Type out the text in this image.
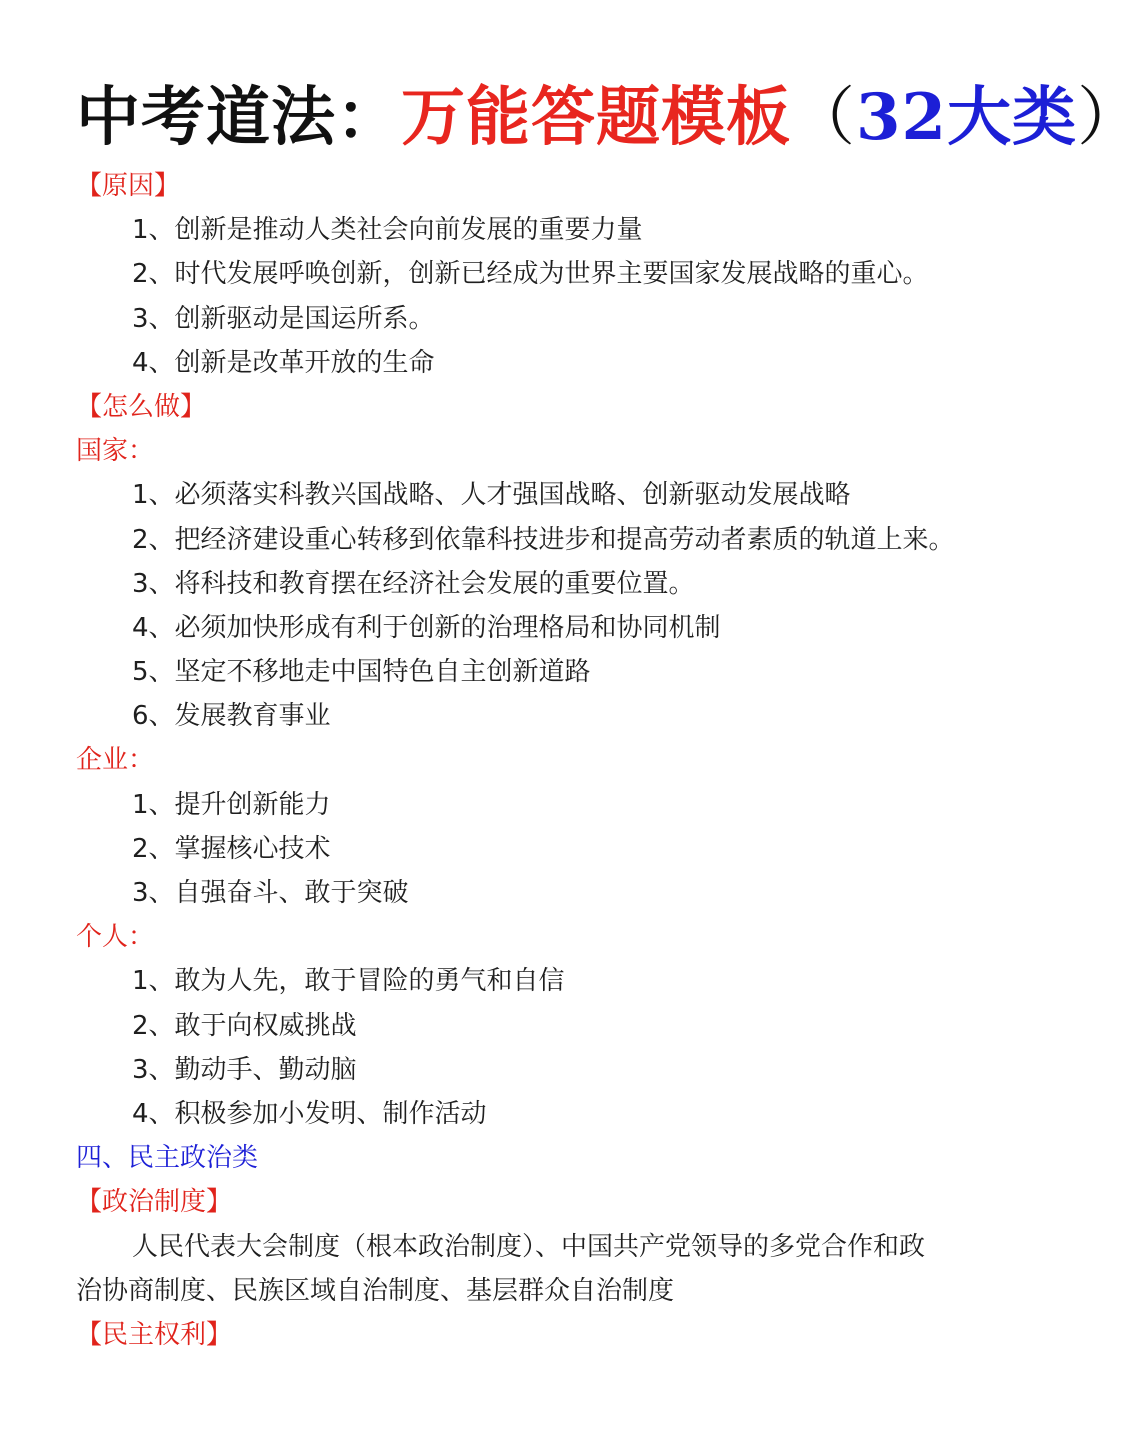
中考道法：万能答题模板（32大类）
【原因】
1、创新是推动人类社会向前发展的重要力量
2、时代发展呼唤创新，创新已经成为世界主要国家发展战略的重心。
3、创新驱动是国运所系。
4、创新是改革开放的生命
【怎么做】
国家：
1、必须落实科教兴国战略、人才强国战略、创新驱动发展战略
2、把经济建设重心转移到依靠科技进步和提高劳动者素质的轨道上来。
3、将科技和教育摆在经济社会发展的重要位置。
4、必须加快形成有利于创新的治理格局和协同机制
5、坚定不移地走中国特色自主创新道路
6、发展教育事业
企业：
1、提升创新能力
2、掌握核心技术
3、自强奋斗、敢于突破
个人：
1、敢为人先，敢于冒险的勇气和自信
2、敢于向权威挑战
3、勤动手、勤动脑
4、积极参加小发明、制作活动
四、民主政治类
【政治制度】
人民代表大会制度（根本政治制度）、中国共产党领导的多党合作和政
治协商制度、民族区域自治制度、基层群众自治制度
【民主权利】
